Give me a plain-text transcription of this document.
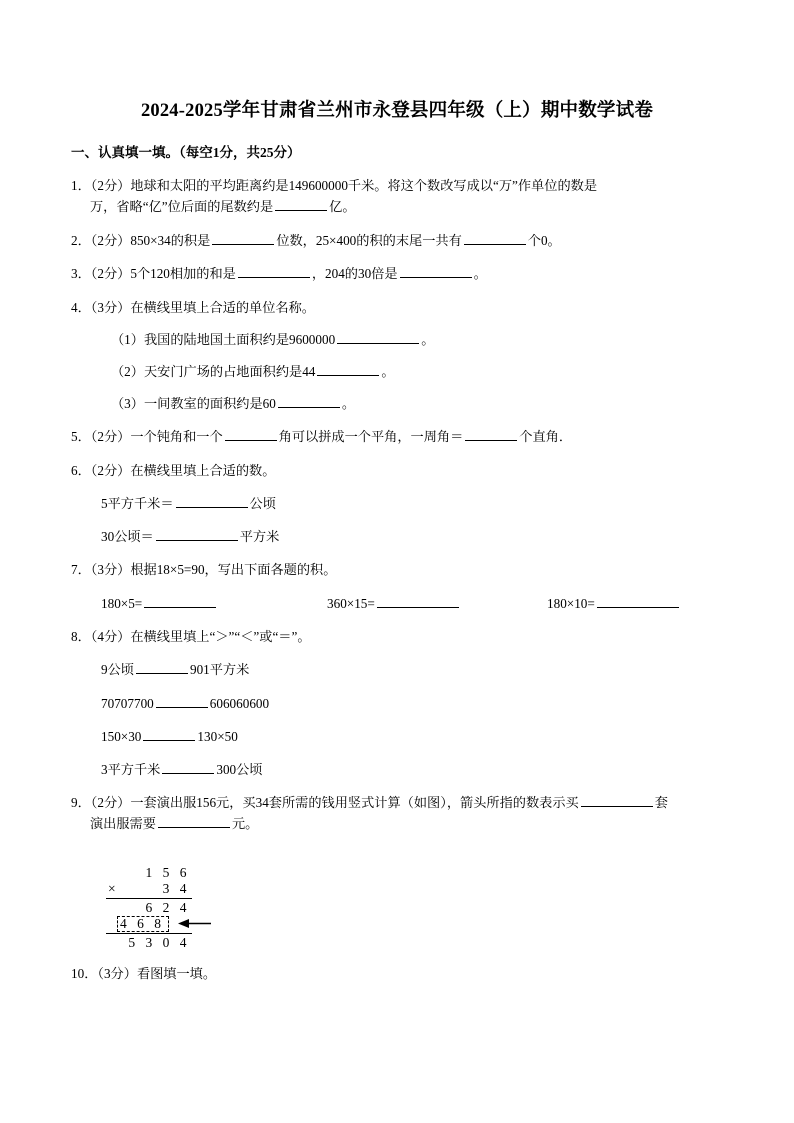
2024-2025学年甘肃省兰州市永登县四年级（上）期中数学试卷
一、认真填一填。（每空1分，共25分）
1．（2分）地球和太阳的平均距离约是149600000千米。将这个数改写成以“万”作单位的数是
万，省略“亿”位后面的尾数约是	亿。
2．（2分）850×34的积是	位数，25×400的积的末尾一共有	个0。
3．（2分）5个120相加的和是	，204的30倍是	。
4．（3分）在横线里填上合适的单位名称。
（1）我国的陆地国土面积约是9600000	。
（2）天安门广场的占地面积约是44	。
（3）一间教室的面积约是60	。
5．（2分）一个钝角和一个	角可以拼成一个平角，一周角＝	个直角．
6．（2分）在横线里填上合适的数。
5平方千米＝	公顷
30公顷＝	平方米
7．（3分）根据18×5=90，写出下面各题的积。
180×5=	360×15=	180×10=
8．（4分）在横线里填上“＞”“＜”或“＝”。
9公顷	901平方米
70707700	606060600
150×30	130×50
3平方千米	300公顷
9．（2分）一套演出服156元，买34套所需的钱用竖式计算（如图），箭头所指的数表示买	套
演出服需要	元。
1 5 6
×	3 4
6 2 4
4 6 8
5 3 0 4
10．（3分）看图填一填。
